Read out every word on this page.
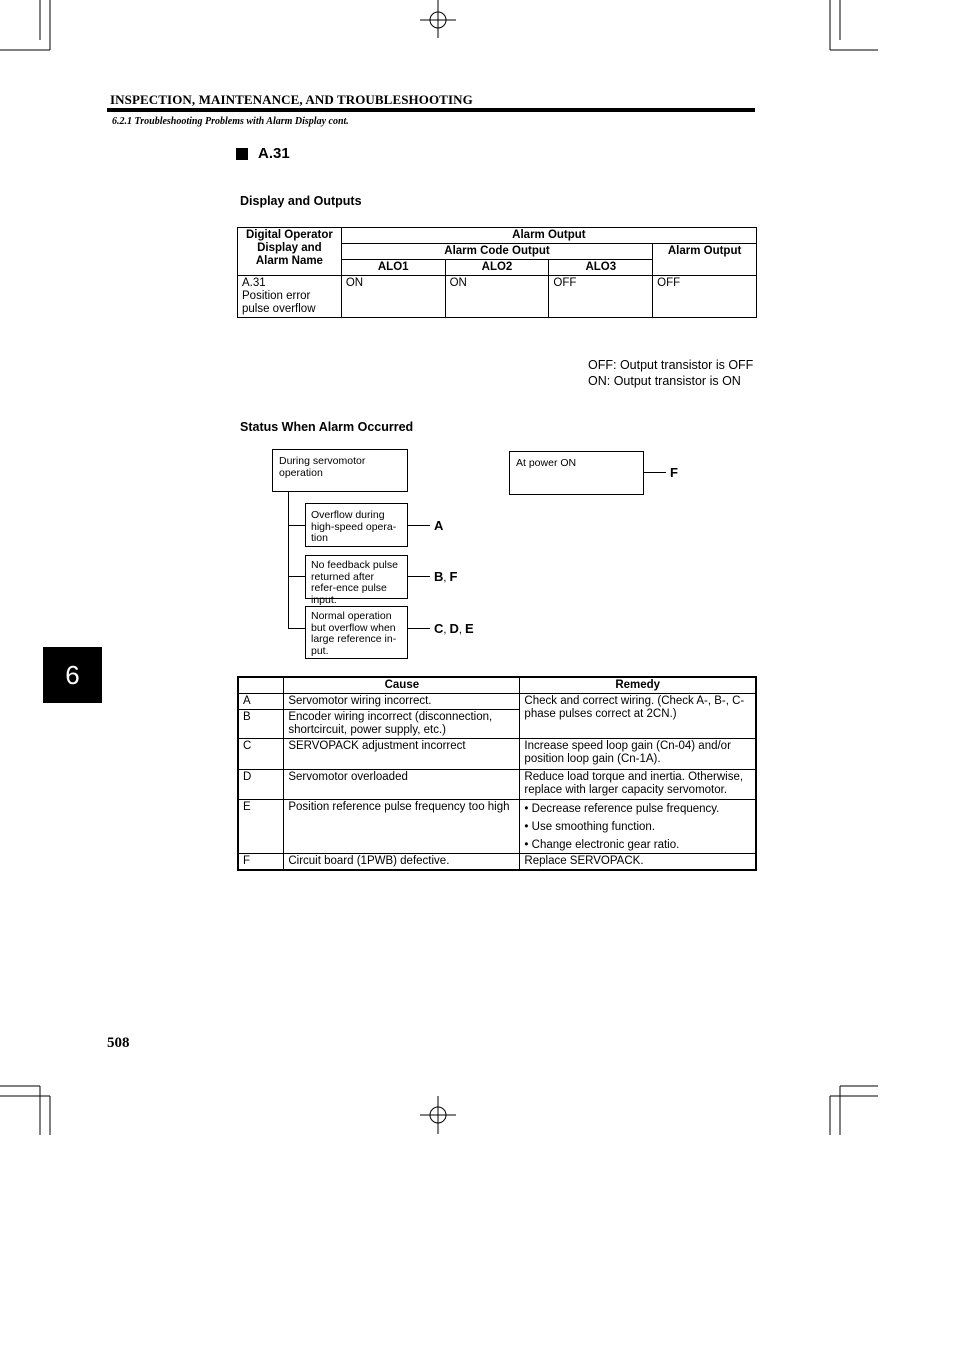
INSPECTION, MAINTENANCE, AND TROUBLESHOOTING
6.2.1 Troubleshooting Problems with Alarm Display cont.
A.31
Display and Outputs
Digital Operator Display and Alarm Name	Alarm Output			
	Alarm Code Output			Alarm Output
	ALO1	ALO2	ALO3	

A.31
Position error
pulse overflow	ON	ON	OFF	OFF
OFF: Output transistor is OFF
ON: Output transistor is ON
Status When Alarm Occurred
During servomotor operation
At power ON
F
Overflow during high-speed opera-tion
A
No feedback pulse returned after refer-ence pulse input.
B, F
Normal operation but overflow when large reference in-put.
C, D, E
	Cause	Remedy
A	Servomotor wiring incorrect.	Check and correct wiring. (Check A-, B-, C-phase pulses correct at 2CN.)
B	Encoder wiring incorrect (disconnection, shortcircuit, power supply, etc.)	
C	SERVOPACK adjustment incorrect	Increase speed loop gain (Cn-04) and/or position loop gain (Cn-1A).
D	Servomotor overloaded	Reduce load torque and inertia. Otherwise, replace with larger capacity servomotor.
E	Position reference pulse frequency too high	• Decrease reference pulse frequency.
• Use smoothing function.
• Change electronic gear ratio.

F	Circuit board (1PWB) defective.	Replace SERVOPACK.
6
508
